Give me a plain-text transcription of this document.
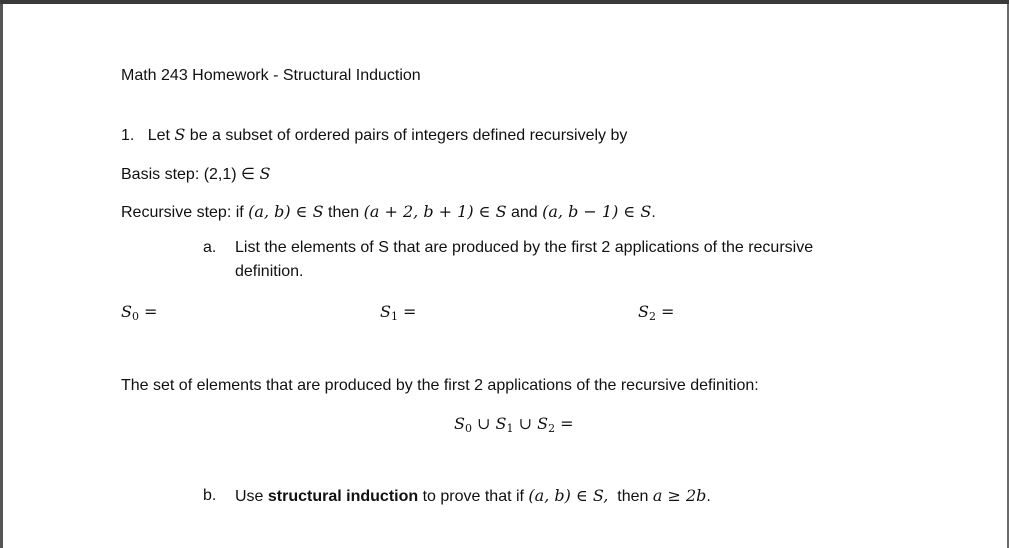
Math 243 Homework - Structural Induction
1. Let S be a subset of ordered pairs of integers defined recursively by
Basis step: (2,1) ∈ S
Recursive step: if (a, b) ∈ S then (a + 2, b + 1) ∈ S and (a, b − 1) ∈ S.
a. List the elements of S that are produced by the first 2 applications of the recursive
definition.
$S_0$ =	$S_1$ =	$S_2$ =
The set of elements that are produced by the first 2 applications of the recursive definition:
$S_0$ ∪ $S_1$ ∪ $S_2$ =
b. Use structural induction to prove that if (a, b) ∈ S,  then a ≥ 2b.
